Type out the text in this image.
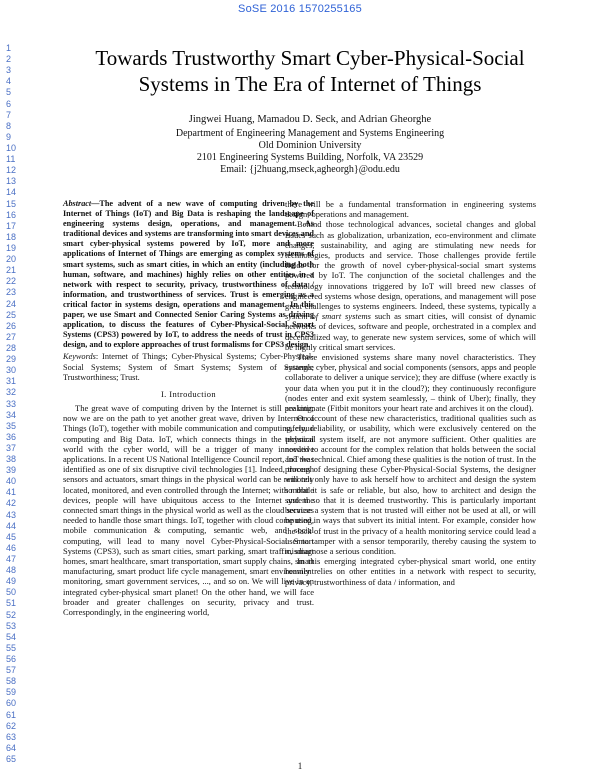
SoSE 2016 1570255165
1
2
3
4
5
6
7
8
9
10
11
12
13
14
15
16
17
18
19
20
21
22
23
24
25
26
27
28
29
30
31
32
33
34
35
36
37
38
39
40
41
42
43
44
45
46
47
48
49
50
51
52
53
54
55
56
57
58
59
60
61
62
63
64
65
Towards Trustworthy Smart Cyber-Physical-Social
Systems in The Era of Internet of Things
Jingwei Huang, Mamadou D. Seck, and Adrian Gheorghe
Department of Engineering Management and Systems Engineering
Old Dominion University
2101 Engineering Systems Building, Norfolk, VA 23529
Email: {j2huang,mseck,agheorgh}@odu.edu

Abstract—The advent of a new wave of computing driven by the Internet of Things (IoT) and Big Data is reshaping the landscape of engineering systems design, operations, and management. As traditional devices and systems are transforming into smart devices and smart cyber-physical systems powered by IoT, more and more applications of Internet of Things are emerging as complex systems of smart systems, such as smart cities, in which an entity (including both human, software, and machines) highly relies on other entities in a network with respect to security, privacy, trustworthiness of data / information, and trustworthiness of services. Trust is emerging as a critical factor in systems design, operations and management. In this paper, we use Smart and Connected Senior Caring Systems as driving application, to discuss the features of Cyber-Physical-Social Smart Systems (CPS3) powered by IoT, to address the needs of trust in CPS3 design, and to explore approaches of trust formalisms for CPS3 design.

Keywords: Internet of Things; Cyber-Physical Systems; Cyber-Physical-Social Systems; System of Smart Systems; System of Systems; Trustworthiness; Trust.

I. Introduction

The great wave of computing driven by the Internet is still peaking; now we are on the path to yet another great wave, driven by Internet of Things (IoT), together with mobile communication and computing, cloud computing and Big Data. IoT, which connects things in the physical world with the cyber world, will be a trigger of many innovative applications. In a recent US National Intelligence Council report, IoT was identified as one of six disruptive civil technologies [1]. Indeed, through sensors and actuators, smart things in the physical world can be remotely located, monitored, and even controlled through the Internet; with mobile devices, people will have ubiquitous access to the Internet and the connected smart things in the physical world as well as the cloud services needed to handle those smart things. IoT, together with cloud computing, mobile communication & computing, semantic web, and social computing, will lead to many novel Cyber-Physical-Social Smart Systems (CPS3), such as smart cities, smart parking, smart traffic, smart homes, smart healthcare, smart transportation, smart supply chains, smart manufacturing, smart product life cycle management, smart environment monitoring, smart government services, ..., and so on. We will live in an integrated cyber-physical smart planet! On the other hand, we will face broader and greater challenges on security, privacy and trust. Correspondingly, in the engineering world,

there will be a fundamental transformation in engineering systems design, operations and management.

Behind those technological advances, societal changes and global issues such as globalization, urbanization, eco-environment and climate changes, sustainability, and aging are stimulating new needs for technologies, products and service. Those challenges provide fertile fields for the growth of novel cyber-physical-social smart systems powered by IoT. The conjunction of the societal challenges and the technology innovations triggered by IoT will breed new classes of engineered systems whose design, operations, and management will pose great challenges to systems engineers. Indeed, these systems, typically a system of smart systems such as smart cities, will consist of dynamic networks of devices, software and people, orchestrated in a complex and decentralized way, to generate new system services, some of which will be highly critical smart services.

These envisioned systems share many novel characteristics. They entangle cyber, physical and social components (sensors, apps and people collaborate to deliver a unique service); they are diffuse (where exactly is your data when you put it in the cloud?); they continuously reconfigure (nodes enter and exit system seamlessly, – think of Uber); finally, they are intimate (Fitbit monitors your heart rate and archives it on the cloud).

On account of these new characteristics, traditional qualities such as safety, reliability, or usability, which were exclusively centered on the technical system itself, are not anymore sufficient. Other qualities are needed to account for the complex relation that holds between the social and the technical. Chief among these qualities is the notion of trust. In the process of designing these Cyber-Physical-Social Systems, the designer will not only have to ask herself how to architect and design the system so that it is safe or reliable, but also, how to architect and design the system so that it is deemed trustworthy. This is particularly important because a system that is not trusted will either not be used at all, or will be used in ways that subvert its initial intent. For example, consider how the lack of trust in the privacy of a health monitoring service could lead a user to tamper with a sensor temporarily, thereby causing the system to misdiagnose a serious condition.

In this emerging integrated cyber-physical smart world, one entity heavily relies on other entities in a network with respect to security, privacy, trustworthiness of data / information, and

1
